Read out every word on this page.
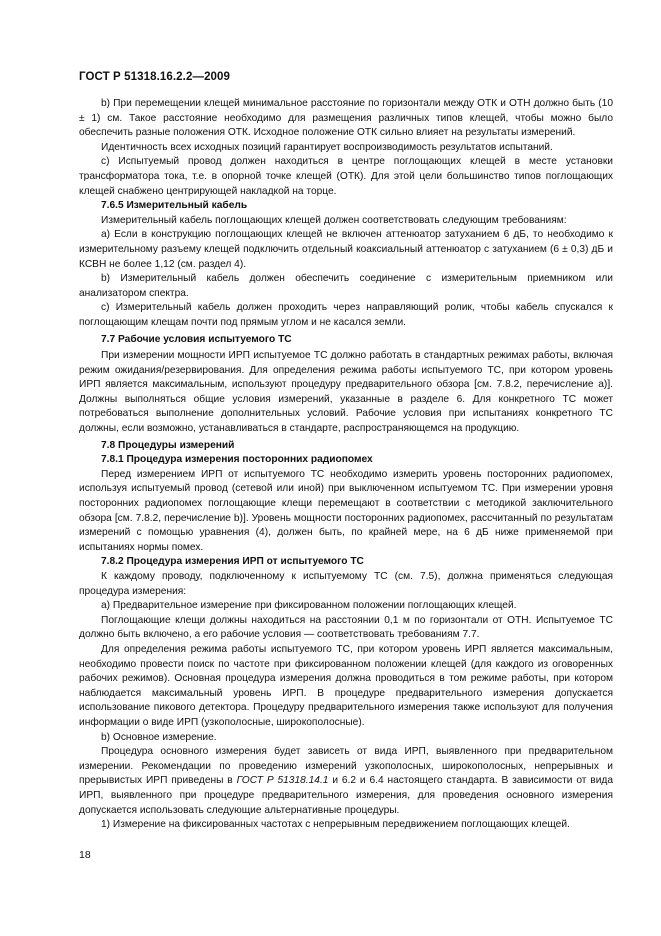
ГОСТ Р 51318.16.2.2—2009

b) При перемещении клещей минимальное расстояние по горизонтали между ОТК и ОТН должно быть (10 ± 1) см. Такое расстояние необходимо для размещения различных типов клещей, чтобы можно было обеспечить разные положения ОТК. Исходное положение ОТК сильно влияет на результаты измерений.

Идентичность всех исходных позиций гарантирует воспроизводимость результатов испытаний.

c) Испытуемый провод должен находиться в центре поглощающих клещей в месте установки трансформатора тока, т.е. в опорной точке клещей (ОТК). Для этой цели большинство типов поглощающих клещей снабжено центрирующей накладкой на торце.

7.6.5 Измерительный кабель

Измерительный кабель поглощающих клещей должен соответствовать следующим требованиям:

a) Если в конструкцию поглощающих клещей не включен аттенюатор затуханием 6 дБ, то необходимо к измерительному разъему клещей подключить отдельный коаксиальный аттенюатор с затуханием (6 ± 0,3) дБ и КСВН не более 1,12 (см. раздел 4).

b) Измерительный кабель должен обеспечить соединение с измерительным приемником или анализатором спектра.

c) Измерительный кабель должен проходить через направляющий ролик, чтобы кабель спускался к поглощающим клещам почти под прямым углом и не касался земли.

7.7 Рабочие условия испытуемого ТС

При измерении мощности ИРП испытуемое ТС должно работать в стандартных режимах работы, включая режим ожидания/резервирования. Для определения режима работы испытуемого ТС, при котором уровень ИРП является максимальным, используют процедуру предварительного обзора [см. 7.8.2, перечисление а)]. Должны выполняться общие условия измерений, указанные в разделе 6. Для конкретного ТС может потребоваться выполнение дополнительных условий. Рабочие условия при испытаниях конкретного ТС должны, если возможно, устанавливаться в стандарте, распространяющемся на продукцию.

7.8 Процедуры измерений

7.8.1 Процедура измерения посторонних радиопомех

Перед измерением ИРП от испытуемого ТС необходимо измерить уровень посторонних радиопомех, используя испытуемый провод (сетевой или иной) при выключенном испытуемом ТС. При измерении уровня посторонних радиопомех поглощающие клещи перемещают в соответствии с методикой заключительного обзора [см. 7.8.2, перечисление b)]. Уровень мощности посторонних радиопомех, рассчитанный по результатам измерений с помощью уравнения (4), должен быть, по крайней мере, на 6 дБ ниже применяемой при испытаниях нормы помех.

7.8.2 Процедура измерения ИРП от испытуемого ТС

К каждому проводу, подключенному к испытуемому ТС (см. 7.5), должна применяться следующая процедура измерения:

a) Предварительное измерение при фиксированном положении поглощающих клещей.

Поглощающие клещи должны находиться на расстоянии 0,1 м по горизонтали от ОТН. Испытуемое ТС должно быть включено, а его рабочие условия — соответствовать требованиям 7.7.

Для определения режима работы испытуемого ТС, при котором уровень ИРП является максимальным, необходимо провести поиск по частоте при фиксированном положении клещей (для каждого из оговоренных рабочих режимов). Основная процедура измерения должна проводиться в том режиме работы, при котором наблюдается максимальный уровень ИРП. В процедуре предварительного измерения допускается использование пикового детектора. Процедуру предварительного измерения также используют для получения информации о виде ИРП (узкополосные, широкополосные).

b) Основное измерение.

Процедура основного измерения будет зависеть от вида ИРП, выявленного при предварительном измерении. Рекомендации по проведению измерений узкополосных, широкополосных, непрерывных и прерывистых ИРП приведены в ГОСТ Р 51318.14.1 и 6.2 и 6.4 настоящего стандарта. В зависимости от вида ИРП, выявленного при процедуре предварительного измерения, для проведения основного измерения допускается использовать следующие альтернативные процедуры.

1) Измерение на фиксированных частотах с непрерывным передвижением поглощающих клещей.

18
